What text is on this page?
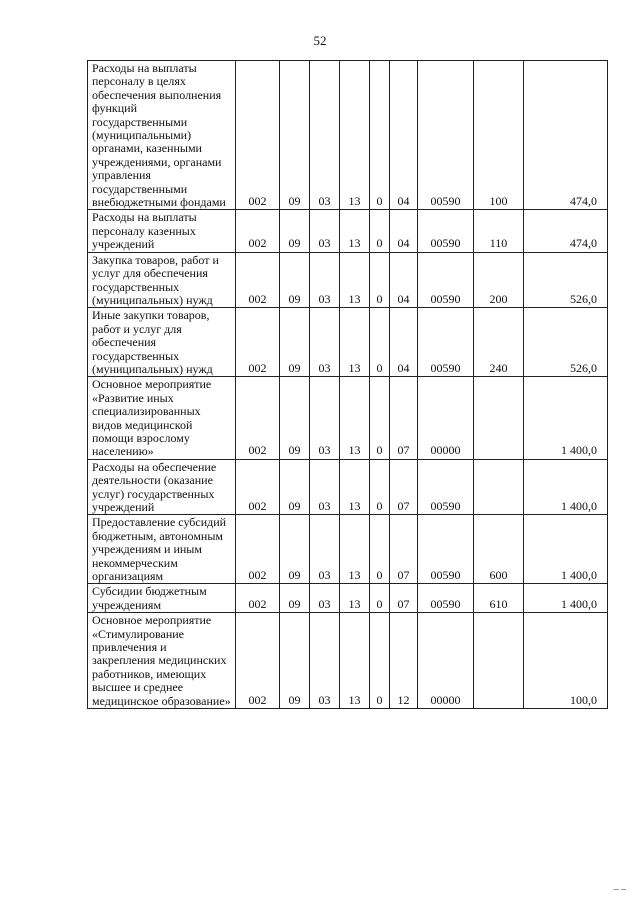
52
Расходы на выплаты персоналу в целях обеспечения выполнения функций государственными (муниципальными) органами, казенными учреждениями, органами управления государственными внебюджетными фондами	002	09	03	13	0	04	00590	100	474,0
Расходы на выплаты персоналу казенных учреждений	002	09	03	13	0	04	00590	110	474,0
Закупка товаров, работ и услуг для обеспечения государственных (муниципальных) нужд	002	09	03	13	0	04	00590	200	526,0
Иные закупки товаров, работ и услуг для обеспечения государственных (муниципальных) нужд	002	09	03	13	0	04	00590	240	526,0
Основное мероприятие «Развитие иных специализированных видов медицинской помощи взрослому населению»	002	09	03	13	0	07	00000		1 400,0
Расходы на обеспечение деятельности (оказание услуг) государственных учреждений	002	09	03	13	0	07	00590		1 400,0
Предоставление субсидий бюджетным, автономным учреждениям и иным некоммерческим организациям	002	09	03	13	0	07	00590	600	1 400,0
Субсидии бюджетным учреждениям	002	09	03	13	0	07	00590	610	1 400,0
Основное мероприятие «Стимулирование привлечения и закрепления медицинских работников, имеющих высшее и среднее медицинское образование»	002	09	03	13	0	12	00000		100,0
– –
